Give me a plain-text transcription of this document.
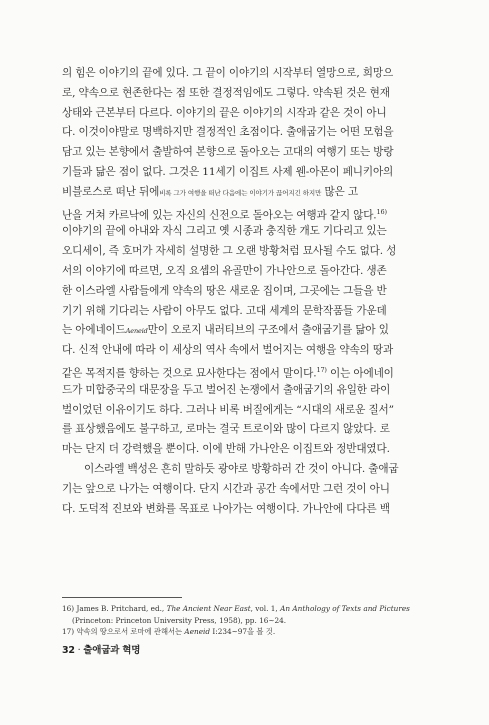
의 힘은 이야기의 끝에 있다. 그 끝이 이야기의 시작부터 열망으로, 희망으
로, 약속으로 현존한다는 점 또한 결정적임에도 그렇다. 약속된 것은 현재
상태와 근본부터 다르다. 이야기의 끝은 이야기의 시작과 같은 것이 아니
다. 이것이야말로 명백하지만 결정적인 초점이다. 출애굽기는 어떤 모험을
담고 있는 본향에서 출발하여 본향으로 돌아오는 고대의 여행기 또는 방랑
기들과 닮은 점이 없다. 그것은 11세기 이집트 사제 웬-아몬이 페니키아의
비블로스로 떠난 뒤에비록 그가 여행을 떠난 다음에는 이야기가 끊어지긴 하지만 많은 고
난을 거쳐 카르낙에 있는 자신의 신전으로 돌아오는 여행과 같지 않다.$^{16)}$
이야기의 끝에 아내와 자식 그리고 옛 시종과 충직한 개도 기다리고 있는
오디세이, 즉 호머가 자세히 설명한 그 오랜 방황처럼 묘사될 수도 없다. 성
서의 이야기에 따르면, 오직 요셉의 유골만이 가나안으로 돌아간다. 생존
한 이스라엘 사람들에게 약속의 땅은 새로운 집이며, 그곳에는 그들을 반
기기 위해 기다리는 사람이 아무도 없다. 고대 세계의 문학작품들 가운데
는 아에네이드Aeneid만이 오로지 내러티브의 구조에서 출애굽기를 닮아 있
다. 신적 안내에 따라 이 세상의 역사 속에서 벌어지는 여행을 약속의 땅과
같은 목적지를 향하는 것으로 묘사한다는 점에서 말이다.$^{17)}$ 이는 아에네이
드가 미합중국의 대문장을 두고 벌어진 논쟁에서 출애굽기의 유일한 라이
벌이었던 이유이기도 하다. 그러나 비록 버질에게는 “시대의 새로운 질서”
를 표상했음에도 불구하고, 로마는 결국 트로이와 많이 다르지 않았다. 로
마는 단지 더 강력했을 뿐이다. 이에 반해 가나안은 이집트와 정반대였다.
이스라엘 백성은 흔히 말하듯 광야로 방황하러 간 것이 아니다. 출애굽
기는 앞으로 나가는 여행이다. 단지 시간과 공간 속에서만 그런 것이 아니
다. 도덕적 진보와 변화를 목표로 나아가는 여행이다. 가나안에 다다른 백
16) James B. Pritchard, ed., The Ancient Near East, vol. 1, An Anthology of Texts and Pictures
(Princeton: Princeton University Press, 1958), pp. 16~24.
17) 약속의 땅으로서 로마에 관해서는 Aeneid I:234~97을 볼 것.
32 · 출애굽과 혁명
